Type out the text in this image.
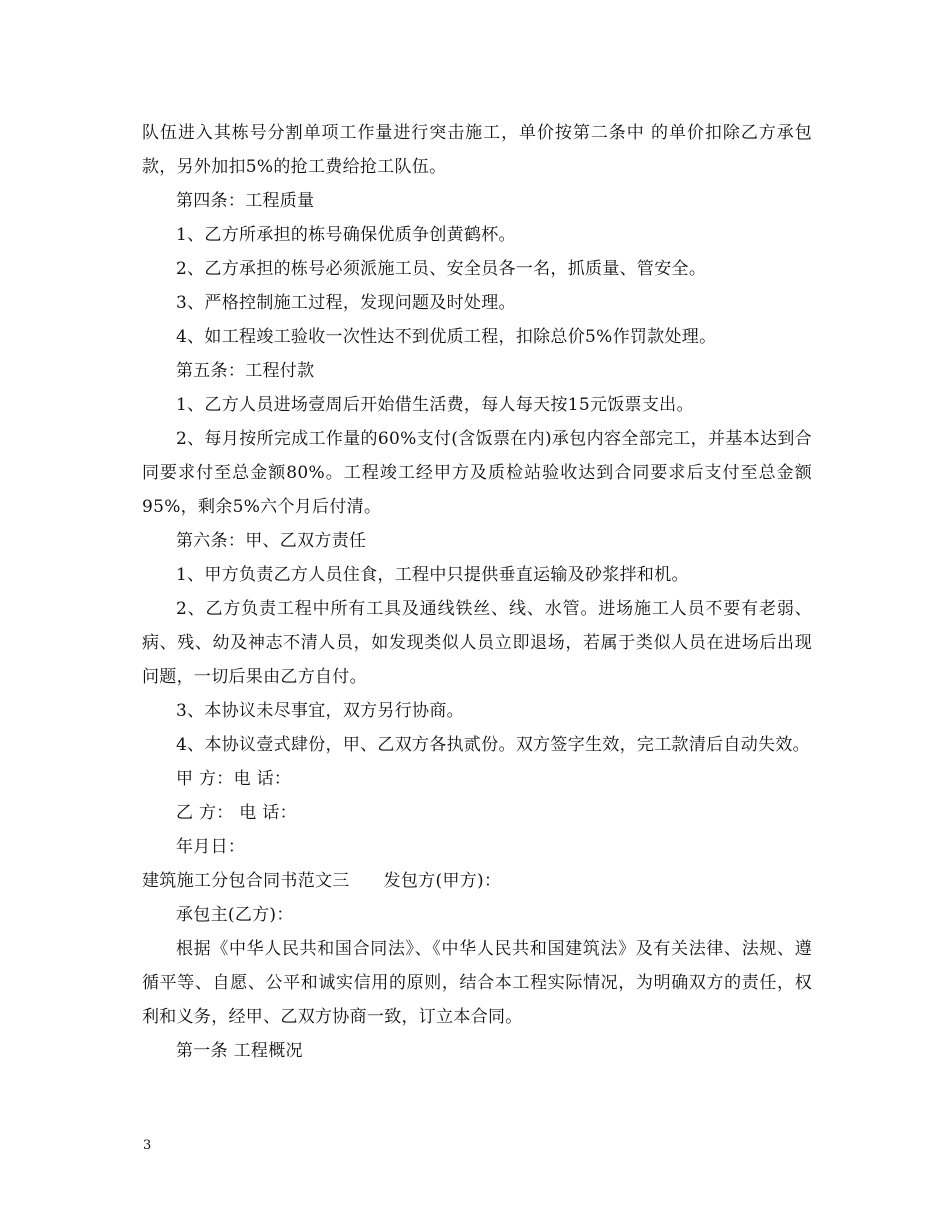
队伍进入其栋号分割单项工作量进行突击施工，单价按第二条中 的单价扣除乙方承包款，另外加扣5%的抢工费给抢工队伍。

第四条：工程质量

1、乙方所承担的栋号确保优质争创黄鹤杯。

2、乙方承担的栋号必须派施工员、安全员各一名，抓质量、管安全。

3、严格控制施工过程，发现问题及时处理。

4、如工程竣工验收一次性达不到优质工程，扣除总价5%作罚款处理。

第五条：工程付款

1、乙方人员进场壹周后开始借生活费，每人每天按15元饭票支出。

2、每月按所完成工作量的60%支付(含饭票在内)承包内容全部完工，并基本达到合同要求付至总金额80%。工程竣工经甲方及质检站验收达到合同要求后支付至总金额95%，剩余5%六个月后付清。

第六条：甲、乙双方责任

1、甲方负责乙方人员住食，工程中只提供垂直运输及砂浆拌和机。

2、乙方负责工程中所有工具及通线铁丝、线、水管。进场施工人员不要有老弱、病、残、幼及神志不清人员，如发现类似人员立即退场，若属于类似人员在进场后出现问题，一切后果由乙方自付。

3、本协议未尽事宜，双方另行协商。

4、本协议壹式肆份，甲、乙双方各执贰份。双方签字生效，完工款清后自动失效。

甲 方：电 话：

乙 方： 电 话：

年月日：

建筑施工分包合同书范文三 发包方(甲方)：

承包主(乙方)：

根据《中华人民共和国合同法》、《中华人民共和国建筑法》及有关法律、法规、遵循平等、自愿、公平和诚实信用的原则，结合本工程实际情况，为明确双方的责任，权利和义务，经甲、乙双方协商一致，订立本合同。

第一条 工程概况

3
